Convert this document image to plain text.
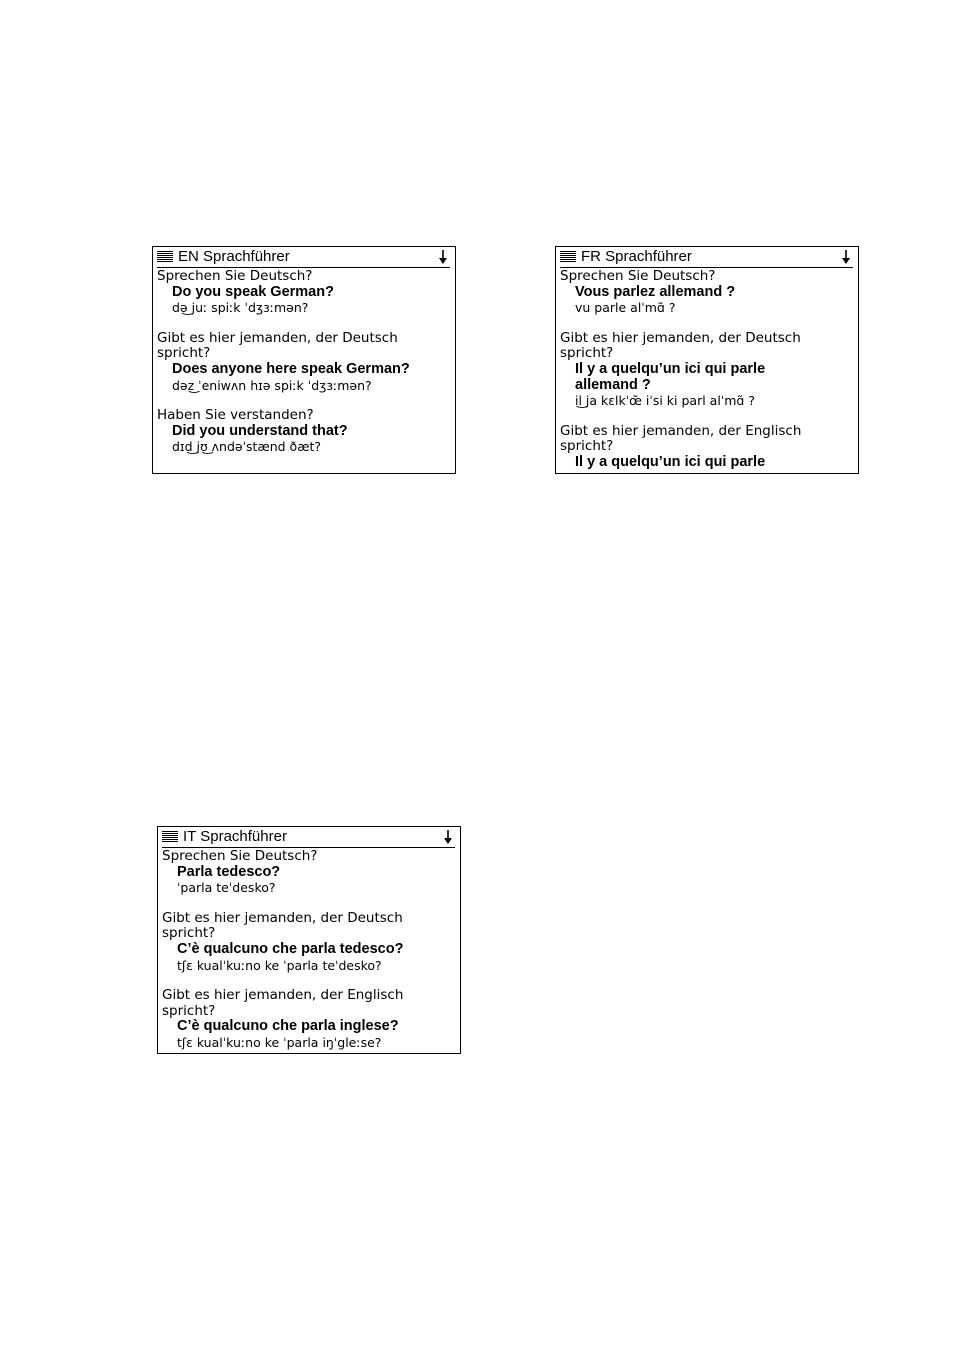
EN Sprachführer
Sprechen Sie Deutsch?
Do you speak German?
də͜ juː spiːk ˈdʒɜːmən?
Gibt es hier jemanden, der Deutsch
spricht?
Does anyone here speak German?
dəz͜ ˈeniwʌn hɪə spiːk ˈdʒɜːmən?
Haben Sie verstanden?
Did you understand that?
dɪd͜ jʊ͜ ʌndəˈstænd ðæt?
FR Sprachführer
Sprechen Sie Deutsch?
Vous parlez allemand ?
vu parle alˈmɑ̃ ?
Gibt es hier jemanden, der Deutsch
spricht?
Il y a quelqu’un ici qui parle
allemand ?
il͜ ja kɛlkˈœ̃ iˈsi ki parl alˈmɑ̃ ?
Gibt es hier jemanden, der Englisch
spricht?
Il y a quelqu’un ici qui parle
IT Sprachführer
Sprechen Sie Deutsch?
Parla tedesco?
ˈparla teˈdesko?
Gibt es hier jemanden, der Deutsch
spricht?
C’è qualcuno che parla tedesco?
tʃɛ kualˈkuːno ke ˈparla teˈdesko?
Gibt es hier jemanden, der Englisch
spricht?
C’è qualcuno che parla inglese?
tʃɛ kualˈkuːno ke ˈparla iŋˈgleːse?
